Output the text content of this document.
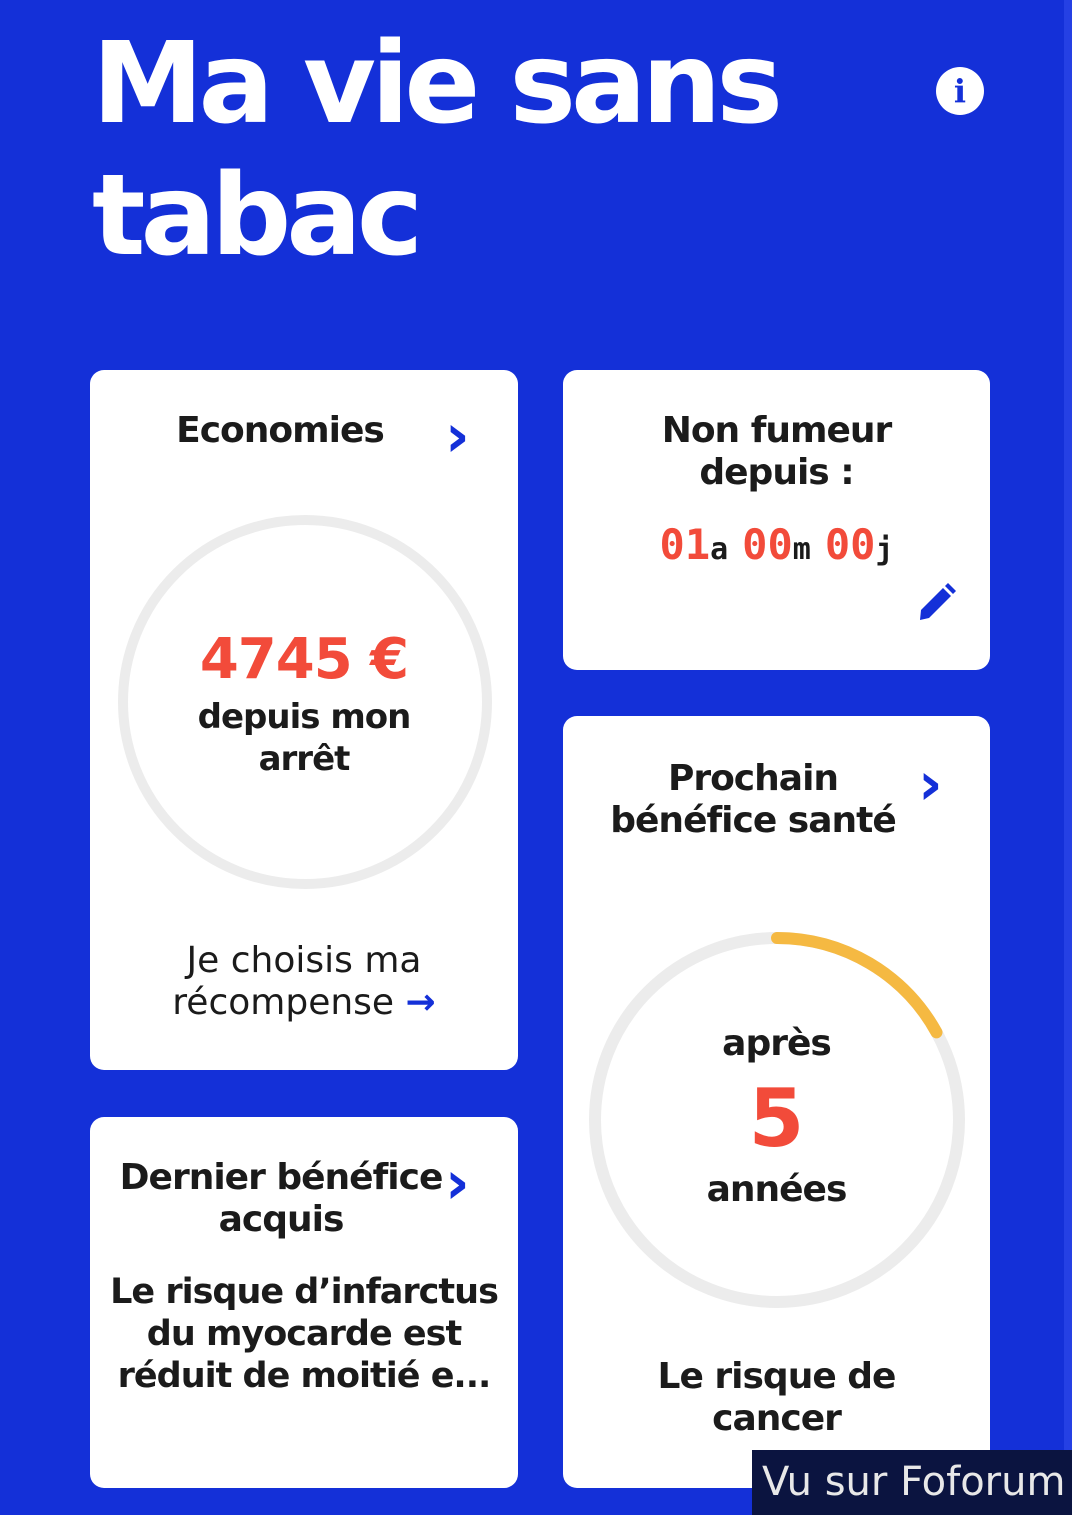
Ma vie sans tabac
i
Economies	›
4745 €
depuis mon arrêt
Je choisis ma récompense →
Non fumeur depuis :
01a 00m 00j
Prochain bénéfice santé
›
après
5
années
Le risque de cancer
Dernier bénéfice acquis
›
Le risque d’infarctus du myocarde est réduit de moitié e...
Vu sur Foforum
